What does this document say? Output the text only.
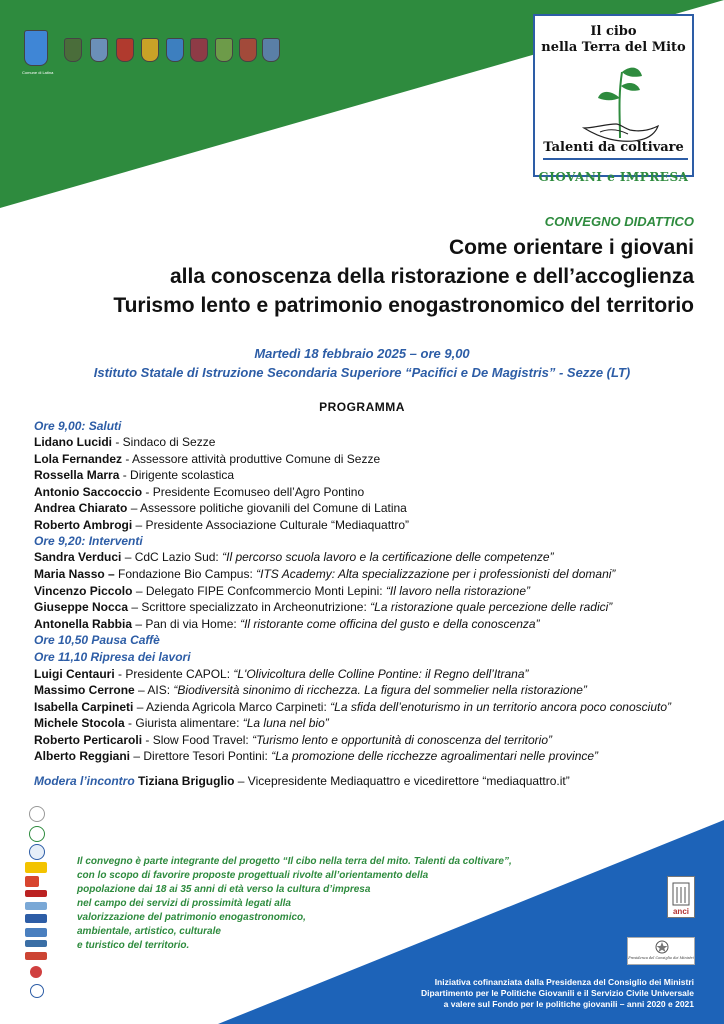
Comune di Latina
Il cibo
nella Terra del Mito
Talenti da coltivare
GIOVANI e IMPRESA
CONVEGNO DIDATTICO
Come orientare i giovani
alla conoscenza della ristorazione e dell’accoglienza
Turismo lento e patrimonio enogastronomico del territorio
Martedì 18 febbraio 2025 – ore 9,00
Istituto Statale di Istruzione Secondaria Superiore “Pacifici e De Magistris” - Sezze (LT)
PROGRAMMA
Ore 9,00: Saluti
Lidano Lucidi - Sindaco di Sezze
Lola Fernandez - Assessore attività produttive Comune di Sezze
Rossella Marra - Dirigente scolastica
Antonio Saccoccio - Presidente Ecomuseo dell’Agro Pontino
Andrea Chiarato – Assessore politiche giovanili del Comune di Latina
Roberto Ambrogi – Presidente Associazione Culturale “Mediaquattro”
Ore 9,20: Interventi
Sandra Verduci – CdC Lazio Sud: “Il percorso scuola lavoro e la certificazione delle competenze”
Maria Nasso – Fondazione Bio Campus: “ITS Academy: Alta specializzazione per i professionisti del domani”
Vincenzo Piccolo – Delegato FIPE Confcommercio Monti Lepini: “Il lavoro nella ristorazione”
Giuseppe Nocca – Scrittore specializzato in Archeonutrizione: “La ristorazione quale percezione delle radici”
Antonella Rabbia – Pan di via Home: “Il ristorante come officina del gusto e della conoscenza”
Ore 10,50 Pausa Caffè
Ore 11,10 Ripresa dei lavori
Luigi Centauri - Presidente CAPOL: “L'Olivicoltura delle Colline Pontine: il Regno dell’Itrana”
Massimo Cerrone – AIS: “Biodiversità sinonimo di ricchezza. La figura del sommelier nella ristorazione”
Isabella Carpineti – Azienda Agricola Marco Carpineti: “La sfida dell’enoturismo in un territorio ancora poco conosciuto”
Michele Stocola - Giurista alimentare: “La luna nel bio”
Roberto Perticaroli - Slow Food Travel: “Turismo lento e opportunità di conoscenza del territorio”
Alberto Reggiani – Direttore Tesori Pontini: “La promozione delle ricchezze agroalimentari nelle province”
Modera l’incontro Tiziana Briguglio – Vicepresidente Mediaquattro e vicedirettore “mediaquattro.it”
Il convegno è parte integrante del progetto “Il cibo nella terra del mito. Talenti da coltivare”,
con lo scopo di favorire proposte progettuali rivolte all’orientamento della
popolazione dai 18 ai 35 anni di età verso la cultura d’impresa
nel campo dei servizi di prossimità legati alla
valorizzazione del patrimonio enogastronomico,
ambientale, artistico, culturale
e turistico del territorio.
anci
Presidenza del Consiglio dei Ministri
Iniziativa cofinanziata dalla Presidenza del Consiglio dei Ministri
Dipartimento per le Politiche Giovanili e il Servizio Civile Universale
a valere sul Fondo per le politiche giovanili – anni 2020 e 2021
